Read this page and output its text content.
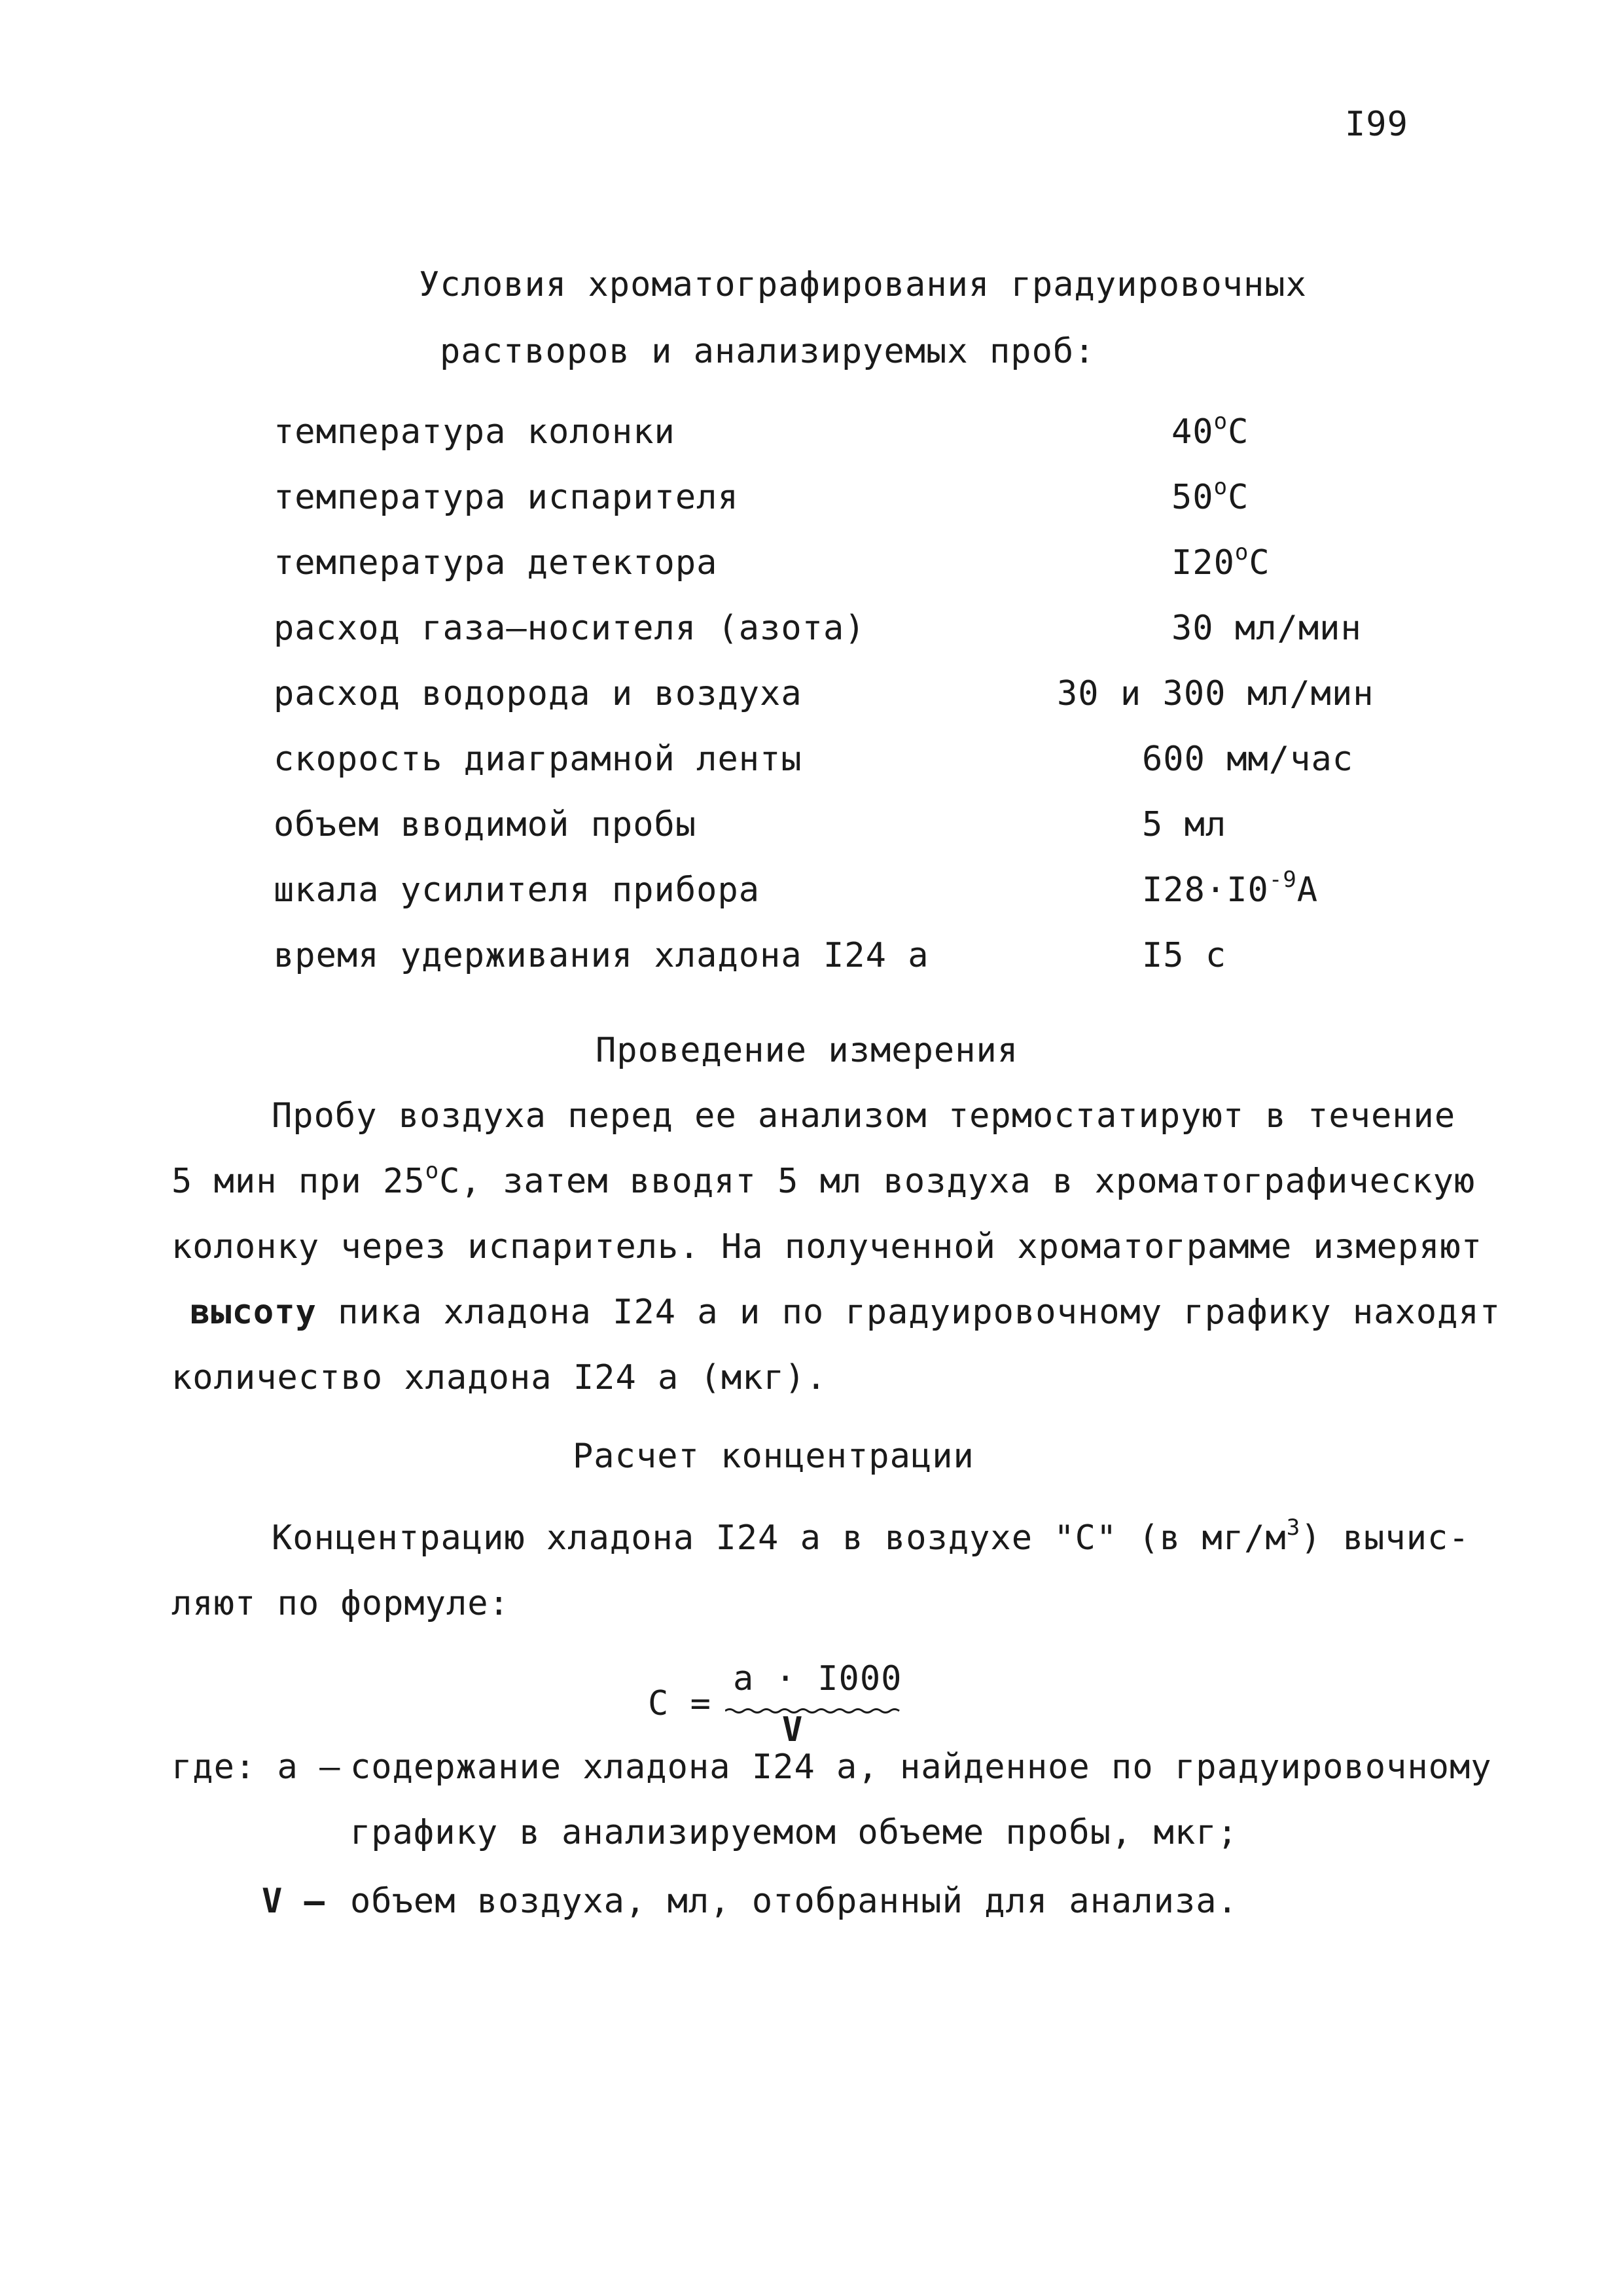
I99
Условия хроматографирования градуировочных
растворов и анализируемых проб:
температура колонки	40$^o$C
температура испарителя	50$^o$C
температура детектора	I20$^o$C
расход газа–носителя (азота)	30 мл/мин
расход водорода и воздуха	30 и 300 мл/мин
скорость диаграмной ленты	600 мм/час
объем вводимой пробы	5 мл
шкала усилителя прибора	$I28\cdot I0^{-9}A$
время удерживания хладона I24 а	I5 с
Проведение измерения
Пробу воздуха перед ее анализом термостатируют в течение
5 мин при 25$^o$C, затем вводят 5 мл воздуха в хроматографическую
колонку через испаритель. На полученной хроматограмме измеряют
высоту пика хладона I24 а и по градуировочному графику находят
количество хладона I24 а (мкг).
Расчет концентрации
Концентрацию хладона I24 а в воздухе "С" (в $мг/м^3$) вычис-
ляют по формуле:
С =
а · I000
V
где: а – содержание хладона I24 а, найденное по градуировочному
графику в анализируемом объеме пробы, мкг;
V – объем воздуха, мл, отобранный для анализа.
